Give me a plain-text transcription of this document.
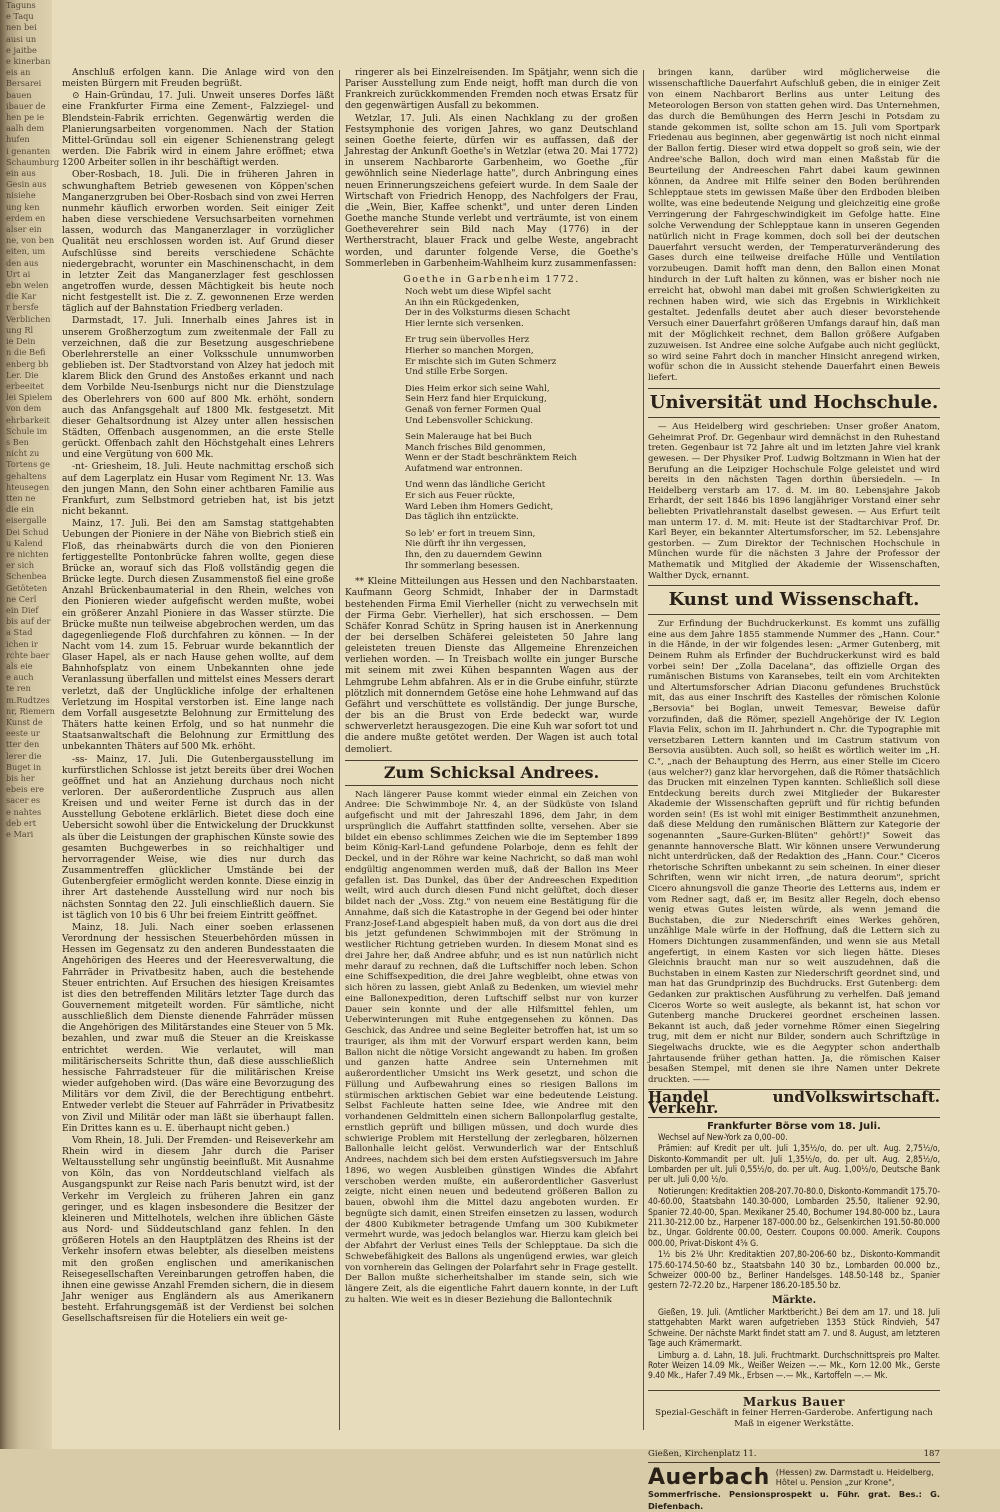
Taguns
e Taqu
nen bei
ausi un
e jaitbe
e kinerban
eis an
Bersarei
bauen
ibauer de
hen pe ie
aalh dem
hufen
i genanten
Schaumburg
ein aus
Gesin aus
nisiehe
ung ken
erdem en
alser ein
ne, von ben
eiten, um
den aus
Urt ai
ebn welen
die Kar
r bersfe
Verblichen
ung Rl
ie Dein
n die Befi
enberg bh
Ler. Die
erbeeitet
lei Spielem
von dem
ehrbarkeit
Schule im
s Ben
nicht zu
Tortens ge
gehaltens
hteusegen
tten ne
die ein
eisergalle
Dei Schud
u Kalend
re nichten
er sich
Schenbea
Getöteten
ne Cerl
ein Dief
bis auf der
a Stad
ichen ir
rchte baer
als eie
e auch
te ren
m.Rudtzes
nr, Riemern
Kunst de
eeste ur
tter den
lerer die
Buget in
bis her
ebeis ere
sacer es
e nahtes
deb ert
e Mari

Anschluß erfolgen kann. Die Anlage wird von den meisten Bürgern mit Freuden begrüßt.

⊙ Hain-Gründau, 17. Juli. Unweit unseres Dorfes läßt eine Frankfurter Firma eine Zement-, Falzziegel- und Blendstein-Fabrik errichten. Gegenwärtig werden die Planierungsarbeiten vorgenommen. Nach der Station Mittel-Gründau soll ein eigener Schienenstrang gelegt werden. Die Fabrik wird in einem Jahre eröffnet; etwa 1200 Arbeiter sollen in ihr beschäftigt werden.

Ober-Rosbach, 18. Juli. Die in früheren Jahren in schwunghaftem Betrieb gewesenen von Köppen'schen Manganerzgruben bei Ober-Rosbach sind von zwei Herren nunmehr käuflich erworben worden. Seit einiger Zeit haben diese verschiedene Versuchsarbeiten vornehmen lassen, wodurch das Manganerzlager in vorzüglicher Qualität neu erschlossen worden ist. Auf Grund dieser Aufschlüsse sind bereits verschiedene Schächte niedergebracht, worunter ein Maschinenschacht, in dem in letzter Zeit das Manganerzlager fest geschlossen angetroffen wurde, dessen Mächtigkeit bis heute noch nicht festgestellt ist. Die z. Z. gewonnenen Erze werden täglich auf der Bahnstation Friedberg verladen.

Darmstadt, 17. Juli. Innerhalb eines Jahres ist in unserem Großherzogtum zum zweitenmale der Fall zu verzeichnen, daß die zur Besetzung ausgeschriebene Oberlehrerstelle an einer Volksschule unnumworben geblieben ist. Der Stadtvorstand von Alzey hat jedoch mit klarem Blick den Grund des Anstoßes erkannt und nach dem Vorbilde Neu-Isenburgs nicht nur die Dienstzulage des Oberlehrers von 600 auf 800 Mk. erhöht, sondern auch das Anfangsgehalt auf 1800 Mk. festgesetzt. Mit dieser Gehaltsordnung ist Alzey unter allen hessischen Städten, Offenbach ausgenommen, an die erste Stelle gerückt. Offenbach zahlt den Höchstgehalt eines Lehrers und eine Vergütung von 600 Mk.

-nt- Griesheim, 18. Juli. Heute nachmittag erschoß sich auf dem Lagerplatz ein Husar vom Regiment Nr. 13. Was den jungen Mann, den Sohn einer achtbaren Familie aus Frankfurt, zum Selbstmord getrieben hat, ist bis jetzt nicht bekannt.

Mainz, 17. Juli. Bei den am Samstag stattgehabten Uebungen der Pioniere in der Nähe von Biebrich stieß ein Floß, das rheinabwärts durch die von den Pionieren fertiggestellte Pontonbrücke fahren wollte, gegen diese Brücke an, worauf sich das Floß vollständig gegen die Brücke legte. Durch diesen Zusammenstoß fiel eine große Anzahl Brückenbaumaterial in den Rhein, welches von den Pionieren wieder aufgefischt werden mußte, wobei ein größerer Anzahl Pioniere in das Wasser stürzte. Die Brücke mußte nun teilweise abgebrochen werden, um das dagegenliegende Floß durchfahren zu können. — In der Nacht vom 14. zum 15. Februar wurde bekanntlich der Glaser Hapel, als er nach Hause gehen wollte, auf dem Bahnhofsplatz von einem Unbekannten ohne jede Veranlassung überfallen und mittelst eines Messers derart verletzt, daß der Unglückliche infolge der erhaltenen Verletzung im Hospital verstorben ist. Eine lange nach dem Vorfall ausgesetzte Belohnung zur Ermittelung des Thäters hatte keinen Erfolg, und so hat nunmehr die Staatsanwaltschaft die Belohnung zur Ermittlung des unbekannten Thäters auf 500 Mk. erhöht.

-ss- Mainz, 17. Juli. Die Gutenbergausstellung im kurfürstlichen Schlosse ist jetzt bereits über drei Wochen geöffnet und hat an Anziehung durchaus noch nicht verloren. Der außerordentliche Zuspruch aus allen Kreisen und und weiter Ferne ist durch das in der Ausstellung Gebotene erklärlich. Bietet diese doch eine Uebersicht sowohl über die Entwickelung der Druckkunst als über die Leistungen der graphischen Künste sowie des gesamten Buchgewerbes in so reichhaltiger und hervorragender Weise, wie dies nur durch das Zusammentreffen glücklicher Umstände bei der Gutenbergfeier ermöglicht werden konnte. Diese einzig in ihrer Art dastehende Ausstellung wird nur noch bis nächsten Sonntag den 22. Juli einschließlich dauern. Sie ist täglich von 10 bis 6 Uhr bei freiem Eintritt geöffnet.

Mainz, 18. Juli. Nach einer soeben erlassenen Verordnung der hessischen Steuerbehörden müssen in Hessen im Gegensatz zu den anderen Bundesstaaten die Angehörigen des Heeres und der Heeresverwaltung, die Fahrräder in Privatbesitz haben, auch die bestehende Steuer entrichten. Auf Ersuchen des hiesigen Kreisamtes ist dies den betreffenden Militärs letzter Tage durch das Gouvernement mitgeteilt worden. Für sämtliche, nicht ausschließlich dem Dienste dienende Fahrräder müssen die Angehörigen des Militärstandes eine Steuer von 5 Mk. bezahlen, und zwar muß die Steuer an die Kreiskasse entrichtet werden. Wie verlautet, will man militärischerseits Schritte thun, daß diese ausschließlich hessische Fahrradsteuer für die militärischen Kreise wieder aufgehoben wird. (Das wäre eine Bevorzugung des Militärs vor dem Zivil, die der Berechtigung entbehrt. Entweder verlebt die Steuer auf Fahrräder in Privatbesitz von Zivil und Militär oder man läßt sie überhaupt fallen. Ein Drittes kann es u. E. überhaupt nicht geben.)

Vom Rhein, 18. Juli. Der Fremden- und Reiseverkehr am Rhein wird in diesem Jahr durch die Pariser Weltausstellung sehr ungünstig beeinflußt. Mit Ausnahme von Köln, das von Norddeutschland vielfach als Ausgangspunkt zur Reise nach Paris benutzt wird, ist der Verkehr im Vergleich zu früheren Jahren ein ganz geringer, und es klagen insbesondere die Besitzer der kleineren und Mittelhotels, welchen ihre üblichen Gäste aus Nord- und Süddeutschland ganz fehlen. In den größeren Hotels an den Hauptplätzen des Rheins ist der Verkehr insofern etwas belebter, als dieselben meistens mit den großen englischen und amerikanischen Reisegesellschaften Vereinbarungen getroffen haben, die ihnen eine gewisse Anzahl Fremden sichern, die in diesem Jahr weniger aus Engländern als aus Amerikanern besteht. Erfahrungsgemäß ist der Verdienst bei solchen Gesellschaftsreisen für die Hoteliers ein weit ge-

ringerer als bei Einzelreisenden. Im Spätjahr, wenn sich die Pariser Ausstellung zum Ende neigt, hofft man durch die von Frankreich zurückkommenden Fremden noch etwas Ersatz für den gegenwärtigen Ausfall zu bekommen.

Wetzlar, 17. Juli. Als einen Nachklang zu der großen Festsymphonie des vorigen Jahres, wo ganz Deutschland seinen Goethe feierte, dürfen wir es auffassen, daß der Jahrestag der Ankunft Goethe's in Wetzlar (etwa 20. Mai 1772) in unserem Nachbarorte Garbenheim, wo Goethe „für gewöhnlich seine Niederlage hatte", durch Anbringung eines neuen Erinnerungszeichens gefeiert wurde. In dem Saale der Wirtschaft von Friedrich Henopp, des Nachfolgers der Frau, die „Wein, Bier, Kaffee schenkt", und unter deren Linden Goethe manche Stunde verlebt und verträumte, ist von einem Goetheverehrer sein Bild nach May (1776) in der Wertherstracht, blauer Frack und gelbe Weste, angebracht worden, und darunter folgende Verse, die Goethe's Sommerleben in Garbenheim-Wahlheim kurz zusammenfassen:

Goethe in Garbenheim 1772.
Noch webt um diese Wipfel sacht
An ihn ein Rückgedenken,
Der in des Volksturms diesen Schacht
Hier lernte sich versenken.
Er trug sein übervolles Herz
Hierher so manchen Morgen,
Er mischte sich im Guten Schmerz
Und stille Erbe Sorgen.
Dies Heim erkor sich seine Wahl,
Sein Herz fand hier Erquickung,
Genaß von ferner Formen Qual
Und Lebensvoller Schickung.
Sein Malerauge hat bei Buch
Manch frisches Bild genommen,
Wenn er der Stadt beschränktem Reich
Aufatmend war entronnen.
Und wenn das ländliche Gericht
Er sich aus Feuer rückte,
Ward Leben ihm Homers Gedicht,
Das täglich ihn entzückte.
So leb' er fort in treuem Sinn,
Nie dürft ihr ihn vergessen,
Ihn, den zu dauerndem Gewinn
Ihr sommerlang besessen.

** Kleine Mitteilungen aus Hessen und den Nachbarstaaten. Kaufmann Georg Schmidt, Inhaber der in Darmstadt bestehenden Firma Emil Vierheller (nicht zu verwechseln mit der Firma Gebr. Vierheller), hat sich erschossen. — Dem Schäfer Konrad Schütz in Spring hausen ist in Anerkennung der bei derselben Schäferei geleisteten 50 Jahre lang geleisteten treuen Dienste das Allgemeine Ehrenzeichen verliehen worden. — In Treisbach wollte ein junger Bursche mit seinem mit zwei Kühen bespannten Wagen aus der Lehmgrube Lehm abfahren. Als er in die Grube einfuhr, stürzte plötzlich mit donnerndem Getöse eine hohe Lehmwand auf das Gefährt und verschüttete es vollständig. Der junge Bursche, der bis an die Brust von Erde bedeckt war, wurde schwerverletzt herausgezogen. Die eine Kuh war sofort tot und die andere mußte getötet werden. Der Wagen ist auch total demoliert.

Zum Schicksal Andrees.

Nach längerer Pause kommt wieder einmal ein Zeichen von Andree: Die Schwimmboje Nr. 4, an der Südküste von Island aufgefischt und mit der Jahreszahl 1896, dem Jahr, in dem ursprünglich die Auffahrt stattfinden sollte, versehen. Aber sie bildet ein ebenso schlimmes Zeichen wie die im September 1899 beim König-Karl-Land gefundene Polarboje, denn es fehlt der Deckel, und in der Röhre war keine Nachricht, so daß man wohl endgültig angenommen werden muß, daß der Ballon ins Meer gefallen ist. Das Dunkel, das über der Andreeschen Expedition weilt, wird auch durch diesen Fund nicht gelüftet, doch dieser bildet nach der „Voss. Ztg." von neuem eine Bestätigung für die Annahme, daß sich die Katastrophe in der Gegend bei oder hinter Franz-Josef-Land abgespielt haben muß, da von dort aus die drei bis jetzt gefundenen Schwimmbojen mit der Strömung in westlicher Richtung getrieben wurden. In diesem Monat sind es drei Jahre her, daß Andree abfuhr, und es ist nun natürlich nicht mehr darauf zu rechnen, daß die Luftschiffer noch leben. Schon eine Schiffsexpedition, die drei Jahre wegbleibt, ohne etwas von sich hören zu lassen, giebt Anlaß zu Bedenken, um wieviel mehr eine Ballonexpedition, deren Luftschiff selbst nur von kurzer Dauer sein konnte und der alle Hilfsmittel fehlen, um Ueberwinterungen mit Ruhe entgegensehen zu können. Das Geschick, das Andree und seine Begleiter betroffen hat, ist um so trauriger, als ihm mit der Vorwurf erspart werden kann, beim Ballon nicht die nötige Vorsicht angewandt zu haben. Im großen und ganzen hatte Andree sein Unternehmen mit außerordentlicher Umsicht ins Werk gesetzt, und schon die Füllung und Aufbewahrung eines so riesigen Ballons im stürmischen arktischen Gebiet war eine bedeutende Leistung. Selbst Fachleute hatten seine Idee, wie Andree mit den vorhandenen Geldmitteln einen sichern Ballonpolarflug gestalte, ernstlich geprüft und billigen müssen, und doch wurde dies schwierige Problem mit Herstellung der zerlegbaren, hölzernen Ballonhalle leicht gelöst. Verwunderlich war der Entschluß Andrees, nachdem sich bei dem ersten Aufstiegsversuch im Jahre 1896, wo wegen Ausbleiben günstigen Windes die Abfahrt verschoben werden mußte, ein außerordentlicher Gasverlust zeigte, nicht einen neuen und bedeutend größeren Ballon zu bauen, obwohl ihm die Mittel dazu angeboten wurden. Er begnügte sich damit, einen Streifen einsetzen zu lassen, wodurch der 4800 Kubikmeter betragende Umfang um 300 Kubikmeter vermehrt wurde, was jedoch belanglos war. Hierzu kam gleich bei der Abfahrt der Verlust eines Teils der Schlepptaue. Da sich die Schwebefähigkeit des Ballons als ungenügend erwies, war gleich von vornherein das Gelingen der Polarfahrt sehr in Frage gestellt. Der Ballon mußte sicherheitshalber im stande sein, sich wie längere Zeit, als die eigentliche Fahrt dauern konnte, in der Luft zu halten. Wie weit es in dieser Beziehung die Ballontechnik

bringen kann, darüber wird möglicherweise die wissenschaftliche Dauerfahrt Aufschluß geben, die in einiger Zeit von einem Nachbarort Berlins aus unter Leitung des Meteorologen Berson von statten gehen wird. Das Unternehmen, das durch die Bemühungen des Herrn Jeschi in Potsdam zu stande gekommen ist, sollte schon am 15. Juli vom Sportpark Friedenau aus beginnen, aber gegenwärtig ist noch nicht einmal der Ballon fertig. Dieser wird etwa doppelt so groß sein, wie der Andree'sche Ballon, doch wird man einen Maßstab für die Beurteilung der Andreeschen Fahrt dabei kaum gewinnen können, da Andree mit Hilfe seiner den Boden berührenden Schlepptaue stets im gewissen Maße über den Erdboden bleiben wollte, was eine bedeutende Neigung und gleichzeitig eine große Verringerung der Fahrgeschwindigkeit im Gefolge hatte. Eine solche Verwendung der Schlepptaue kann in unseren Gegenden natürlich nicht in Frage kommen, doch soll bei der deutschen Dauerfahrt versucht werden, der Temperaturveränderung des Gases durch eine teilweise dreifache Hülle und Ventilation vorzubeugen. Damit hofft man denn, den Ballon einen Monat hindurch in der Luft halten zu können, was er bisher noch nie erreicht hat, obwohl man dabei mit großen Schwierigkeiten zu rechnen haben wird, wie sich das Ergebnis in Wirklichkeit gestaltet. Jedenfalls deutet aber auch dieser bevorstehende Versuch einer Dauerfahrt größeren Umfangs darauf hin, daß man mit der Möglichkeit rechnet, dem Ballon größere Aufgaben zuzuweisen. Ist Andree eine solche Aufgabe auch nicht geglückt, so wird seine Fahrt doch in mancher Hinsicht anregend wirken, wofür schon die in Aussicht stehende Dauerfahrt einen Beweis liefert.

Universität und Hochschule.

— Aus Heidelberg wird geschrieben: Unser großer Anatom, Geheimrat Prof. Dr. Gegenbaur wird demnächst in den Ruhestand treten. Gegenbaur ist 72 Jahre alt und im letzten Jahre viel krank gewesen. — Der Physiker Prof. Ludwig Boltzmann in Wien hat der Berufung an die Leipziger Hochschule Folge geleistet und wird bereits in den nächsten Tagen dorthin übersiedeln. — In Heidelberg verstarb am 17. d. M. im 80. Lebensjahre Jakob Erhardt, der seit 1846 bis 1896 langjähriger Vorstand einer sehr beliebten Privatlehranstalt daselbst gewesen. — Aus Erfurt teilt man unterm 17. d. M. mit: Heute ist der Stadtarchivar Prof. Dr. Karl Beyer, ein bekannter Altertumsforscher, im 52. Lebensjahre gestorben. — Zum Direktor der Technischen Hochschule in München wurde für die nächsten 3 Jahre der Professor der Mathematik und Mitglied der Akademie der Wissenschaften, Walther Dyck, ernannt.

Kunst und Wissenschaft.

Zur Erfindung der Buchdruckerkunst. Es kommt uns zufällig eine aus dem Jahre 1855 stammende Nummer des „Hann. Cour." in die Hände, in der wir folgendes lesen: „Armer Gutenberg, mit Deinem Ruhm als Erfinder der Buchdruckerkunst wird es bald vorbei sein! Der „Zolla Dacelana", das offizielle Organ des rumänischen Bistums von Karansebes, teilt ein vom Architekten und Altertumsforscher Adrian Diaconu gefundenes Bruchstück mit, das aus einer Inschrift des Kastelles der römischen Kolonie „Bersovia" bei Boglan, unweit Temesvar, Beweise dafür vorzufinden, daß die Römer, speziell Angehörige der IV. Legion Flavia Felix, schon im II. Jahrhundert n. Chr. die Typographie mit versetzbaren Lettern kannten und im Castrum stativum von Bersovia ausübten. Auch soll, so heißt es wörtlich weiter im „H. C.", „nach der Behauptung des Herrn, aus einer Stelle im Cicero (aus welcher?) ganz klar hervorgehen, daß die Römer thatsächlich das Drucken mit einzelnen Typen kannten. Schließlich soll diese Entdeckung bereits durch zwei Mitglieder der Bukarester Akademie der Wissenschaften geprüft und für richtig befunden worden sein! (Es ist wohl mit einiger Bestimmtheit anzunehmen, daß diese Meldung den rumänischen Blättern zur Kategorie der sogenannten „Saure-Gurken-Blüten" gehört!)" Soweit das genannte hannoversche Blatt. Wir können unsere Verwunderung nicht unterdrücken, daß der Redaktion des „Hann. Cour." Ciceros rhetorische Schriften unbekannt zu sein scheinen. In einer dieser Schriften, wenn wir nicht irren, „de natura deorum", spricht Cicero ahnungsvoll die ganze Theorie des Letterns aus, indem er vom Redner sagt, daß er, im Besitz aller Regeln, doch ebenso wenig etwas Gutes leisten würde, als wenn jemand die Buchstaben, die zur Niederschrift eines Werkes gehören, unzählige Male würfe in der Hoffnung, daß die Lettern sich zu Homers Dichtungen zusammenfänden, und wenn sie aus Metall angefertigt, in einem Kasten vor sich liegen hätte. Dieses Gleichnis braucht man nur so weit auszudehnen, daß die Buchstaben in einem Kasten zur Niederschrift geordnet sind, und man hat das Grundprinzip des Buchdrucks. Erst Gutenberg: dem Gedanken zur praktischen Ausführung zu verhelfen. Daß jemand Ciceros Worte so weit auslegte, als bekannt ist, hat schon vor Gutenberg manche Druckerei geordnet erscheinen lassen. Bekannt ist auch, daß jeder vornehme Römer einen Siegelring trug, mit dem er nicht nur Bilder, sondern auch Schriftzüge in Siegelwachs druckte, wie es die Aegypter schon anderthalb Jahrtausende früher gethan hatten. Ja, die römischen Kaiser besaßen Stempel, mit denen sie ihre Namen unter Dekrete druckten. ——

Handel und Verkehr.
Volkswirtschaft.
Frankfurter Börse vom 18. Juli.

Wechsel auf New-York za 0,00–00.

Prämien: auf Kredit per ult. Juli 1,35½/o, do. per ult. Aug. 2,75½/o, Diskonto-Kommandit per ult. Juli 1,35½/o, do. per ult. Aug. 2,85½/o, Lombarden per ult. Juli 0,55½/o, do. per ult. Aug. 1,00½/o, Deutsche Bank per ult. Juli 0,00 ½/o.

Notierungen: Kreditaktien 208-207.70-80.0, Diskonto-Kommandit 175.70-40-60.00, Staatsbahn 140.30-000, Lombarden 25.50, Italiener 92.90, Spanier 72.40-00, Span. Mexikaner 25.40, Bochumer 194.80-000 bz., Laura 211.30-212.00 bz., Harpener 187-000.00 bz., Gelsenkirchen 191.50-80.000 bz., Ungar. Goldrente 00.00, Oesterr. Coupons 00.000. Amerik. Coupons 000.00, Privat-Diskont 4⅝ G.

1½ bis 2⅛ Uhr: Kreditaktien 207,80-206-60 bz., Diskonto-Kommandit 175.60-174.50-60 bz., Staatsbahn 140 30 bz., Lombarden 00.000 bz., Schweizer 000-00 bz., Berliner Handelsges. 148.50-148 bz., Spanier gestern 72-72.20 bz., Harpener 186.20-185.50 bz.

Märkte.

Gießen, 19. Juli. (Amtlicher Marktbericht.) Bei dem am 17. und 18. Juli stattgehabten Markt waren aufgetrieben 1353 Stück Rindvieh, 547 Schweine. Der nächste Markt findet statt am 7. und 8. August, am letzteren Tage auch Krämermarkt.

Limburg a. d. Lahn, 18. Juli. Fruchtmarkt. Durchschnittspreis pro Malter. Roter Weizen 14.09 Mk., Weißer Weizen —.— Mk., Korn 12.00 Mk., Gerste 9.40 Mk., Hafer 7.49 Mk., Erbsen —.— Mk., Kartoffeln —.— Mk.

Markus Bauer
Spezial-Geschäft in feiner Herren-Garderobe. Anfertigung nach Maß in eigener Werkstätte.
Gießen, Kirchenplatz 11.	187
Auerbach (Hessen) zw. Darmstadt u. Heidelberg,
Hôtel u. Pension „zur Krone",
Sommerfrische. Pensionsprospekt u. Führ. grat. Bes.: G. Diefenbach.
